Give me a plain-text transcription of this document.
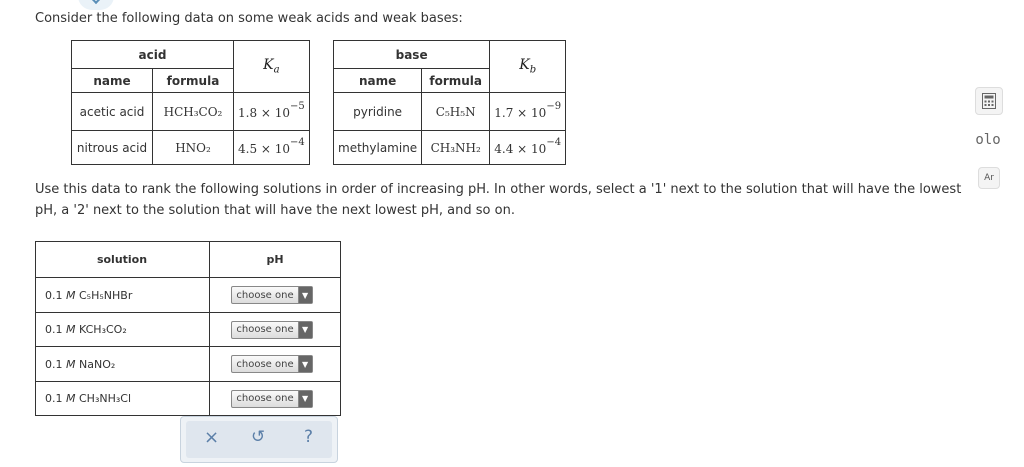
Consider the following data on some weak acids and weak bases:
acid		$K_a$
name	formula	
acetic acid	HCH₃CO₂	$1.8 \times 10^{-5}$
nitrous acid	HNO₂	$4.5 \times 10^{-4}$
base		$K_b$
name	formula	
pyridine	C₅H₅N	$1.7 \times 10^{-9}$
methylamine	CH₃NH₂	$4.4 \times 10^{-4}$
Use this data to rank the following solutions in order of increasing pH. In other words, select a '1' next to the solution that will have the lowest pH, a '2' next to the solution that will have the next lowest pH, and so on.
solution	pH
0.1 M C₅H₅NHBr	choose one ▼

0.1 M KCH₃CO₂	choose one ▼

0.1 M NaNO₂	choose one ▼

0.1 M CH₃NH₃Cl	choose one ▼
× ↺ ?
olo
Ar
